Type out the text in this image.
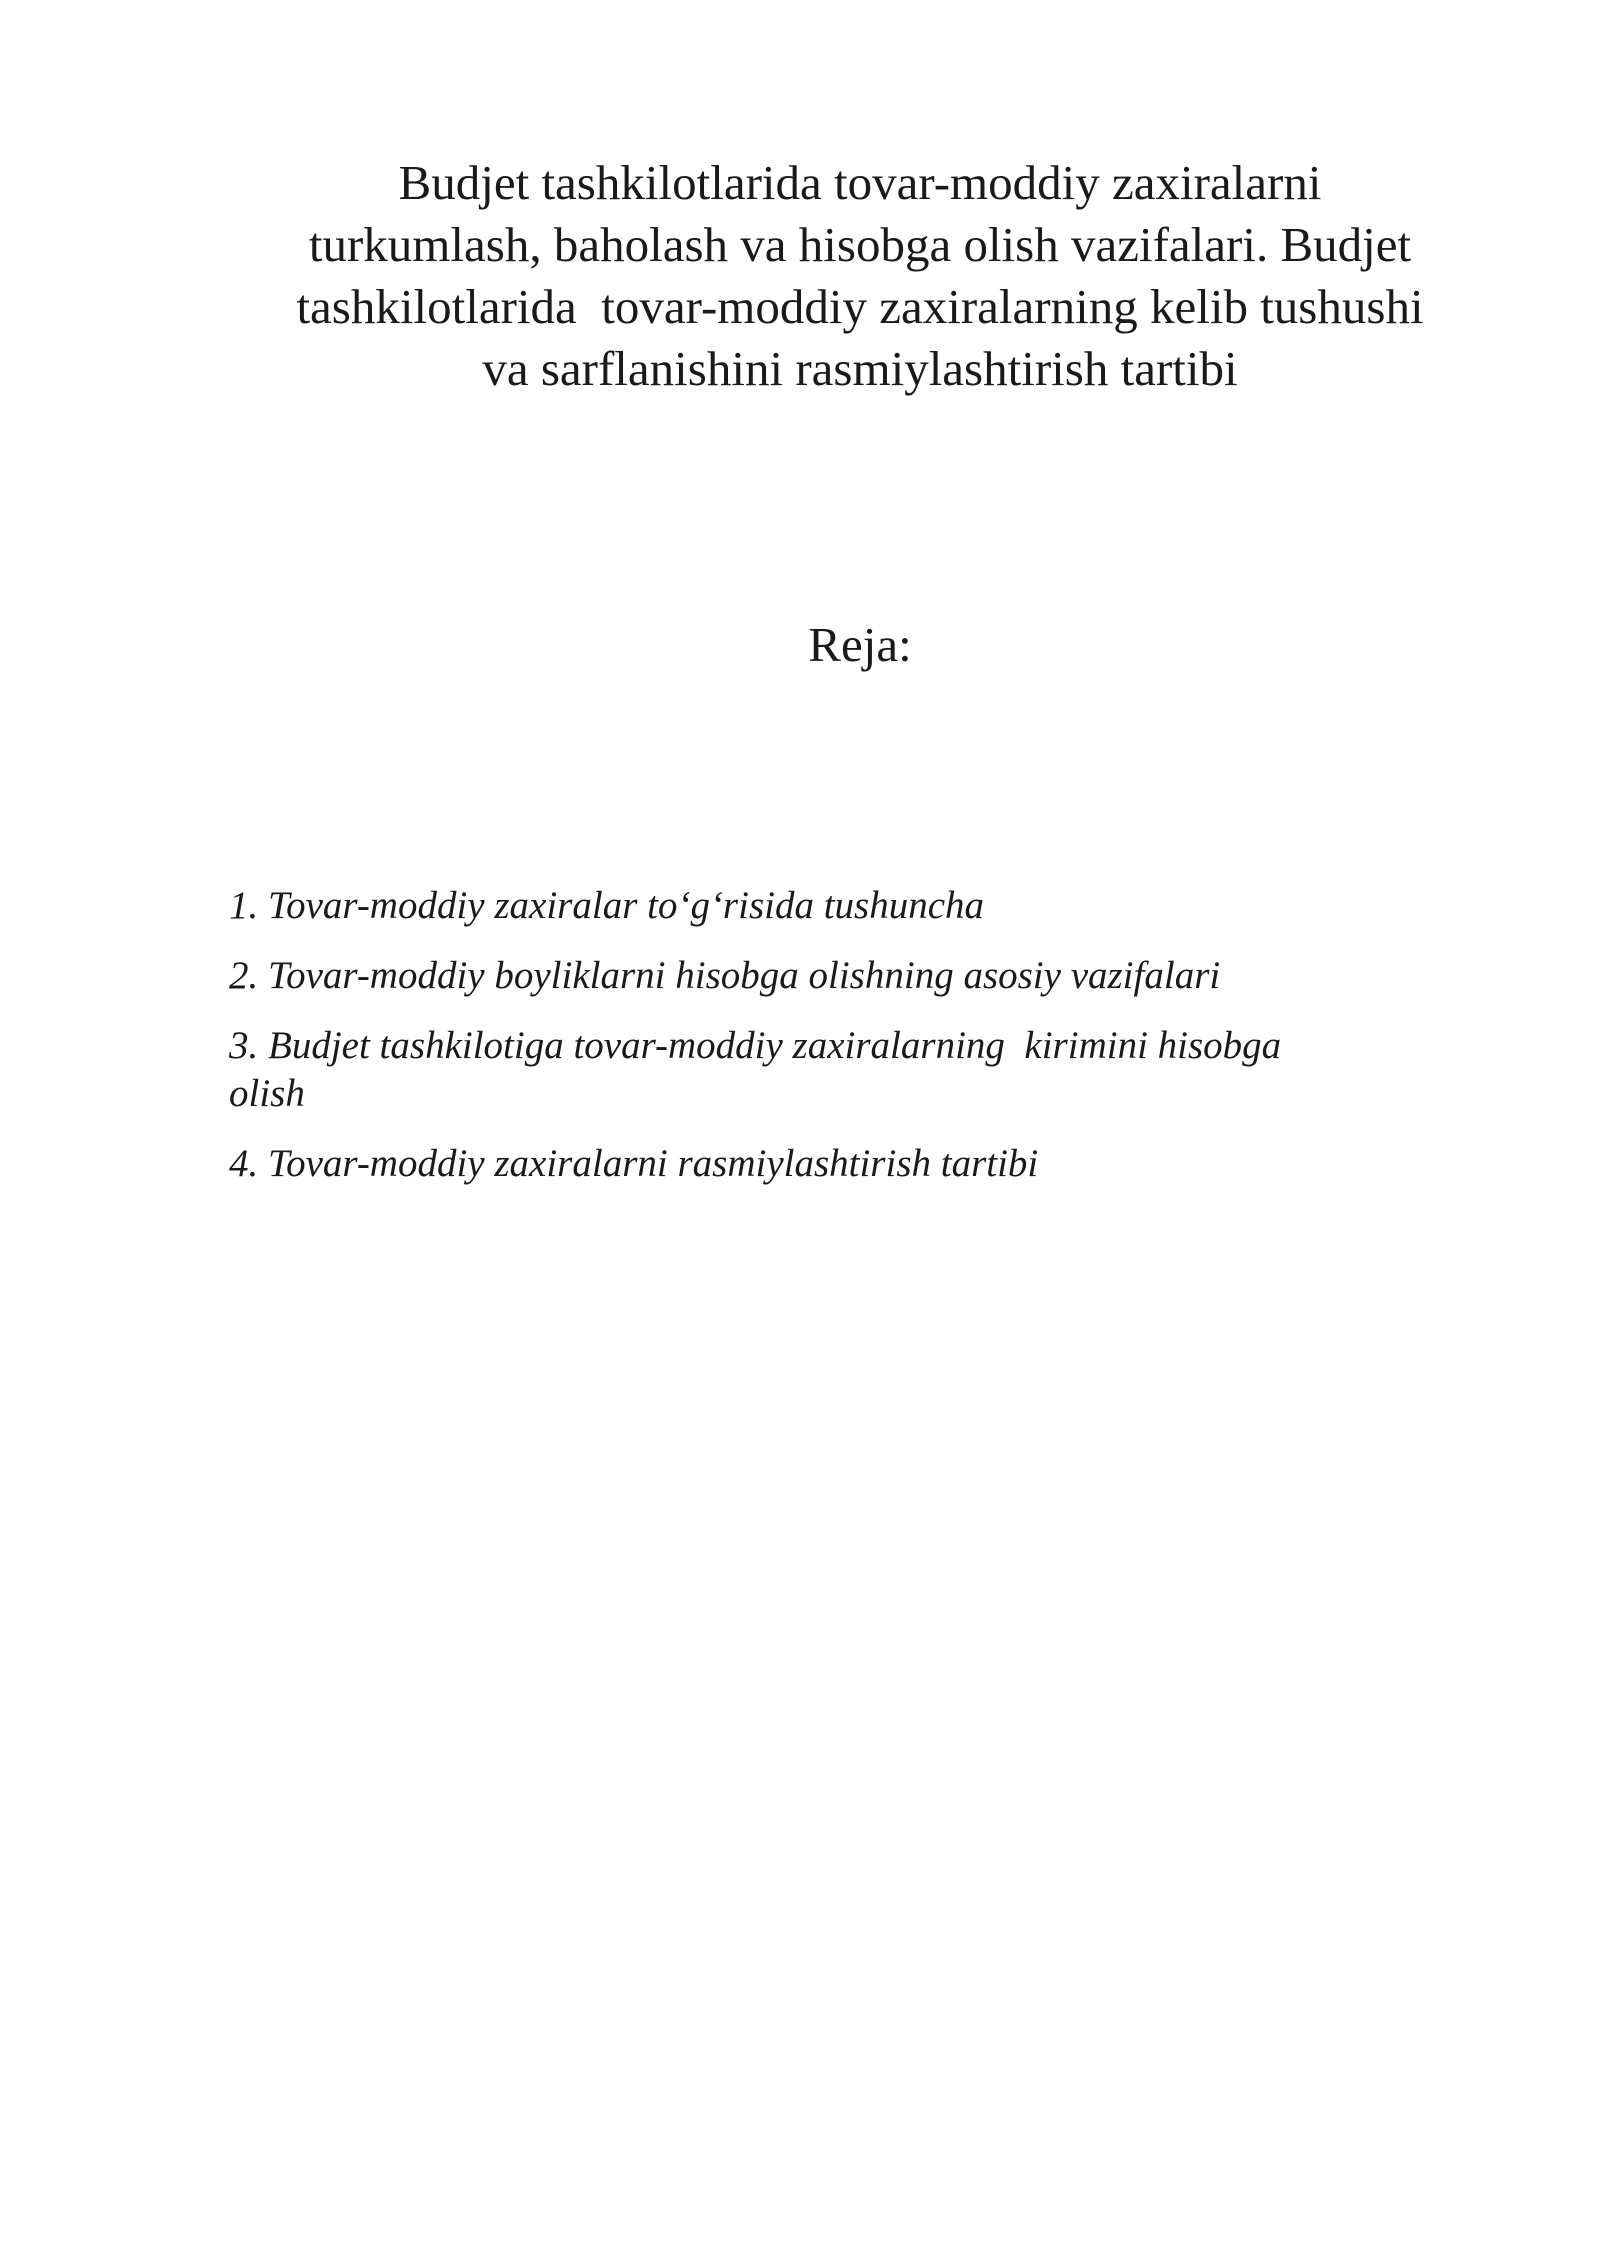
Budjet tashkilotlarida tovar-moddiy zaxiralarni
turkumlash, baholash va hisobga olish vazifalari. Budjet
tashkilotlarida  tovar-moddiy zaxiralarning kelib tushushi
va sarflanishini rasmiylashtirish tartibi
Reja:
1. Tovar-moddiy zaxiralar to‘g‘risida tushuncha
2. Tovar-moddiy boyliklarni hisobga olishning asosiy vazifalari
3. Budjet tashkilotiga tovar-moddiy zaxiralarning  kirimini hisobga
olish
4. Tovar-moddiy zaxiralarni rasmiylashtirish tartibi
